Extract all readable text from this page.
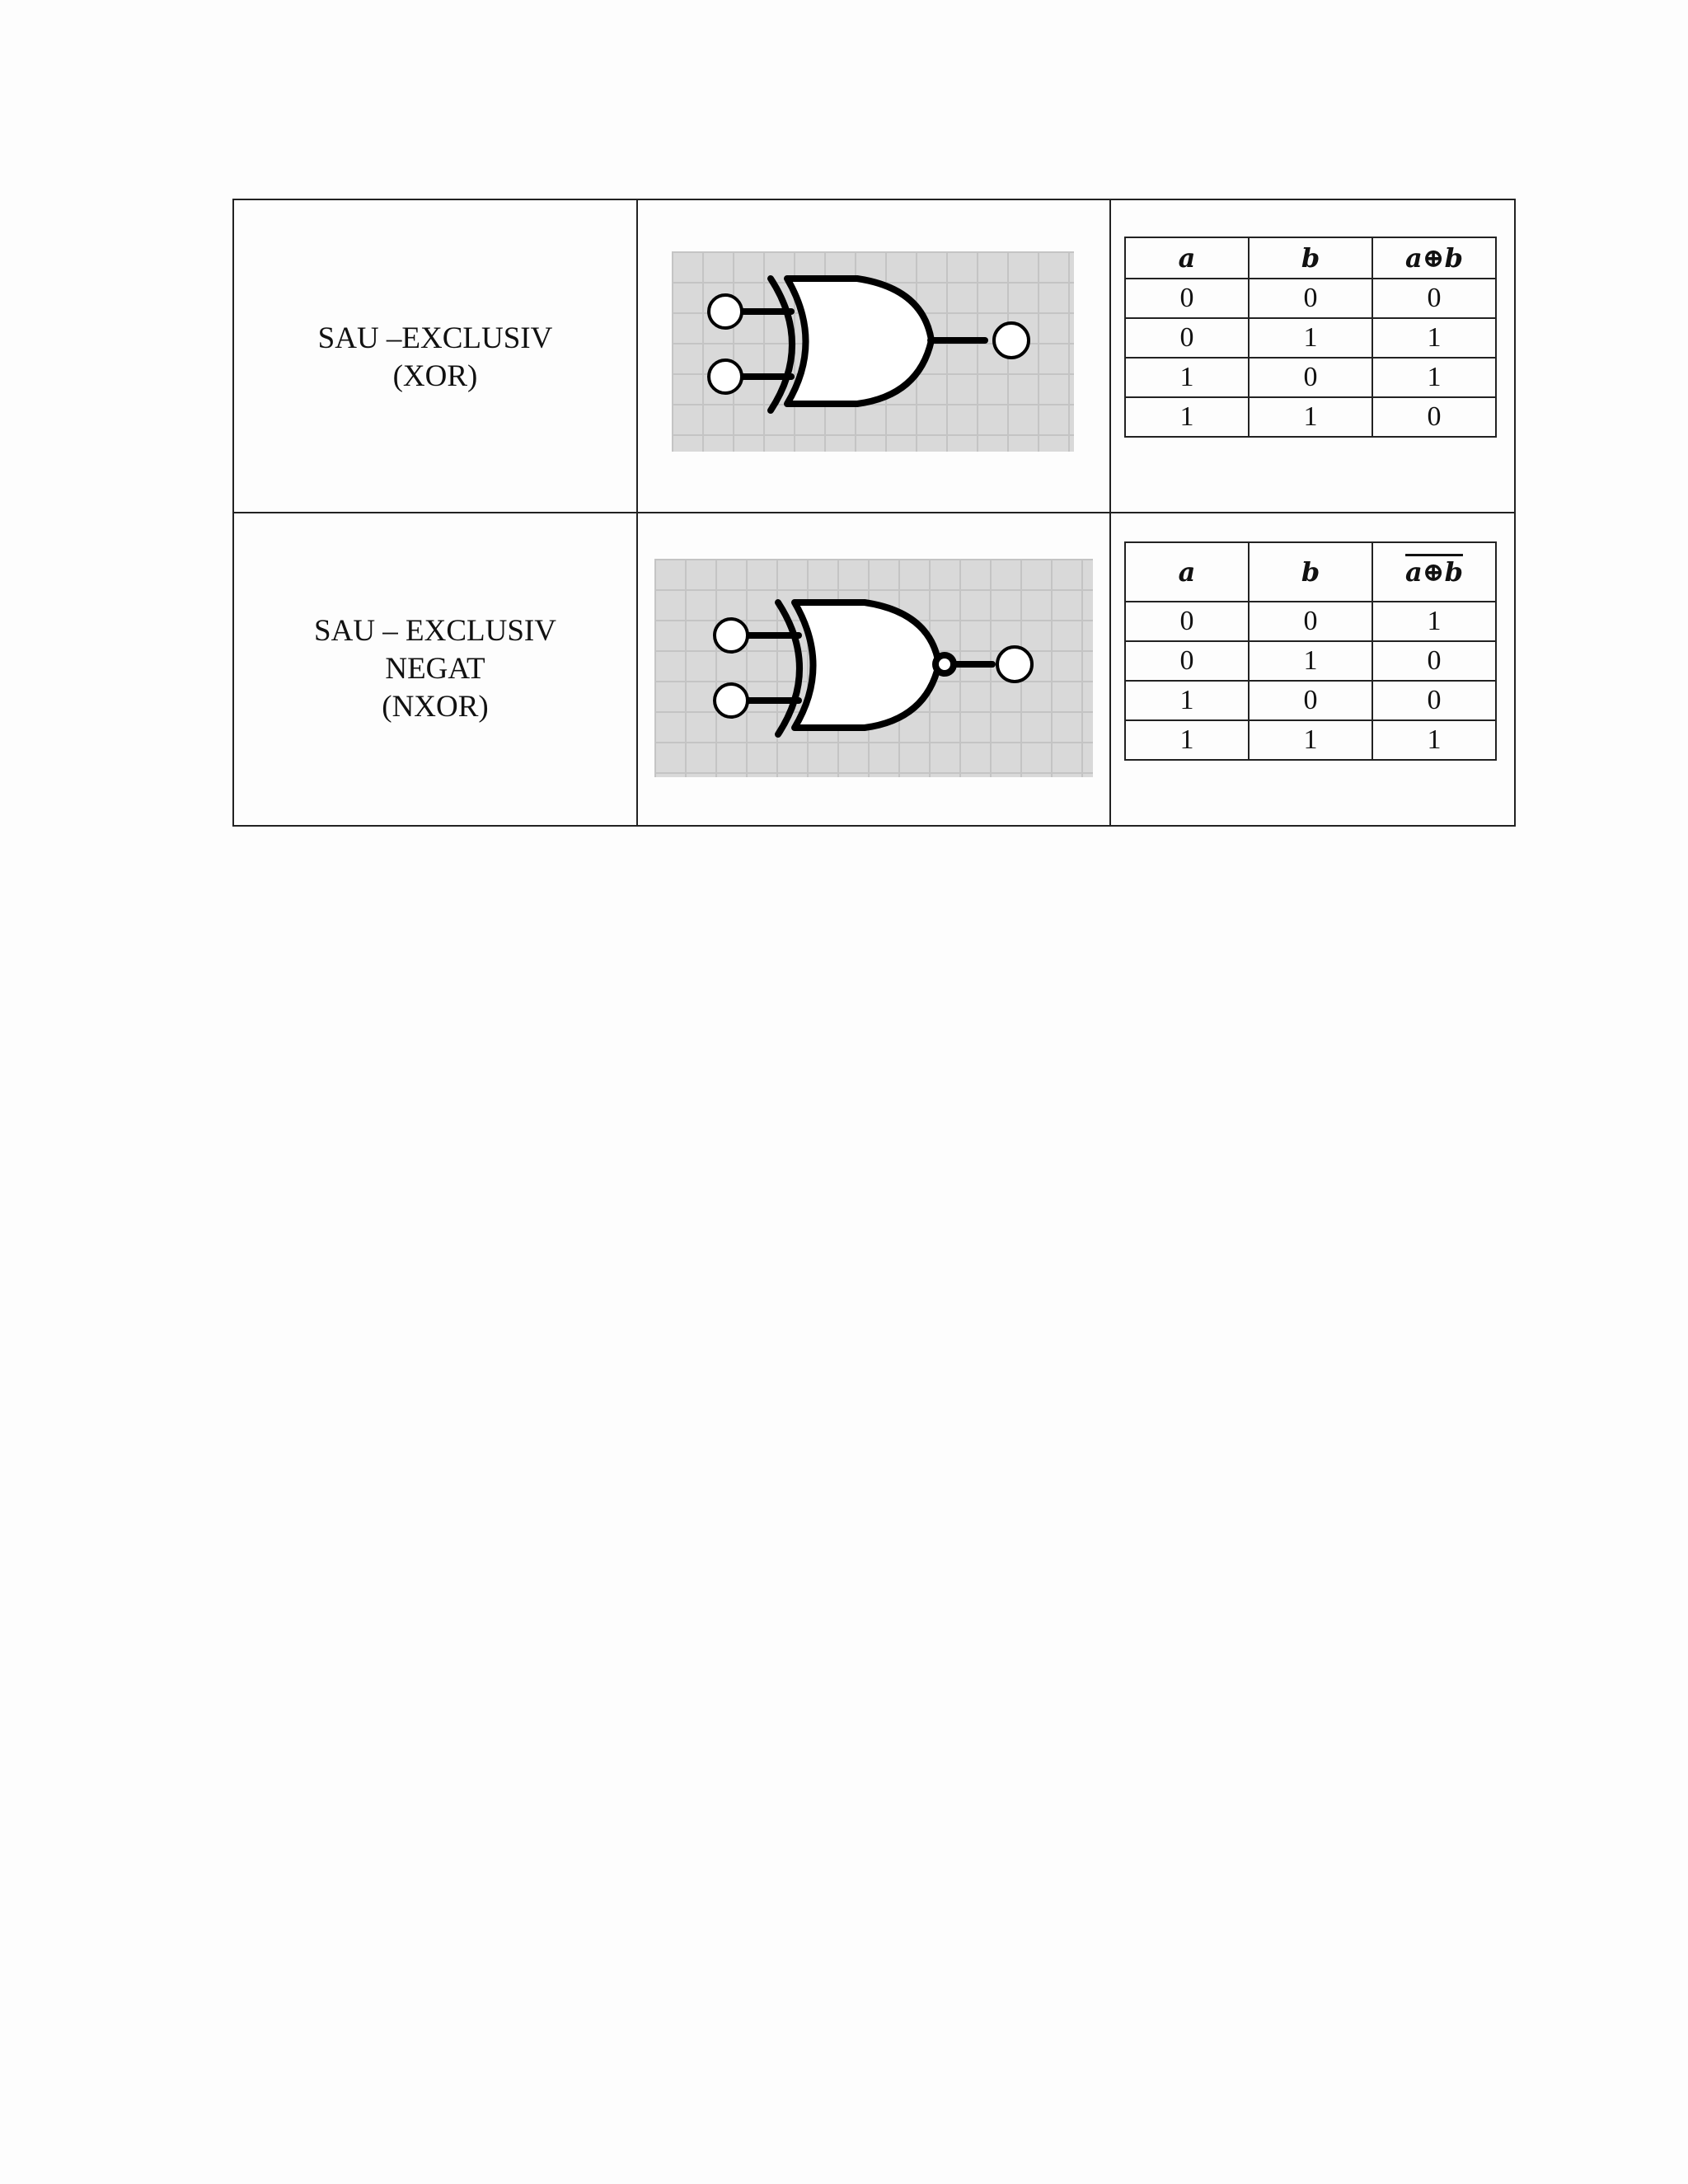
SAU –EXCLUSIV
(XOR)

a	b	a⊕b
0	0	0
0	1	1
1	0	1
1	1	0

SAU – EXCLUSIV
NEGAT
(NXOR)

a	b	a⊕b
0	0	1
0	1	0
1	0	0
1	1	1
